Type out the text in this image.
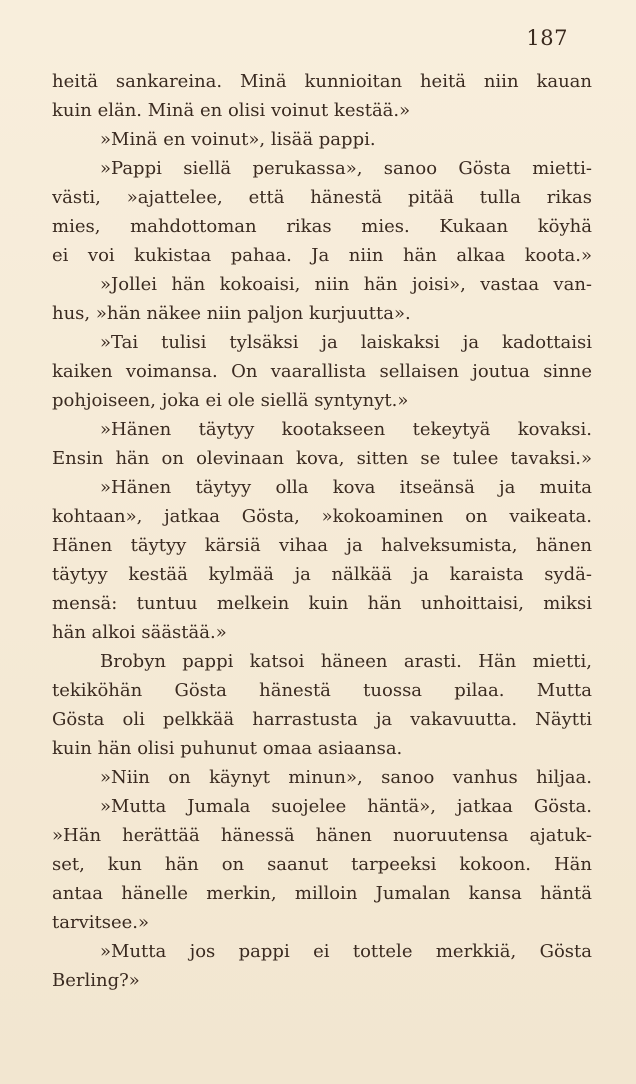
187
heitä sankareina. Minä kunnioitan heitä niin kauan
kuin elän. Minä en olisi voinut kestää.»
»Minä en voinut», lisää pappi.
»Pappi siellä perukassa», sanoo Gösta mietti-
västi, »ajattelee, että hänestä pitää tulla rikas
mies, mahdottoman rikas mies. Kukaan köyhä
ei voi kukistaa pahaa. Ja niin hän alkaa koota.»
»Jollei hän kokoaisi, niin hän joisi», vastaa van-
hus, »hän näkee niin paljon kurjuutta».
»Tai tulisi tylsäksi ja laiskaksi ja kadottaisi
kaiken voimansa. On vaarallista sellaisen joutua sinne
pohjoiseen, joka ei ole siellä syntynyt.»
»Hänen täytyy kootakseen tekeytyä kovaksi.
Ensin hän on olevinaan kova, sitten se tulee tavaksi.»
»Hänen täytyy olla kova itseänsä ja muita
kohtaan», jatkaa Gösta, »kokoaminen on vaikeata.
Hänen täytyy kärsiä vihaa ja halveksumista, hänen
täytyy kestää kylmää ja nälkää ja karaista sydä-
mensä: tuntuu melkein kuin hän unhoittaisi, miksi
hän alkoi säästää.»
Brobyn pappi katsoi häneen arasti. Hän mietti,
tekiköhän Gösta hänestä tuossa pilaa. Mutta
Gösta oli pelkkää harrastusta ja vakavuutta. Näytti
kuin hän olisi puhunut omaa asiaansa.
»Niin on käynyt minun», sanoo vanhus hiljaa.
»Mutta Jumala suojelee häntä», jatkaa Gösta.
»Hän herättää hänessä hänen nuoruutensa ajatuk-
set, kun hän on saanut tarpeeksi kokoon. Hän
antaa hänelle merkin, milloin Jumalan kansa häntä
tarvitsee.»
»Mutta jos pappi ei tottele merkkiä, Gösta
Berling?»
